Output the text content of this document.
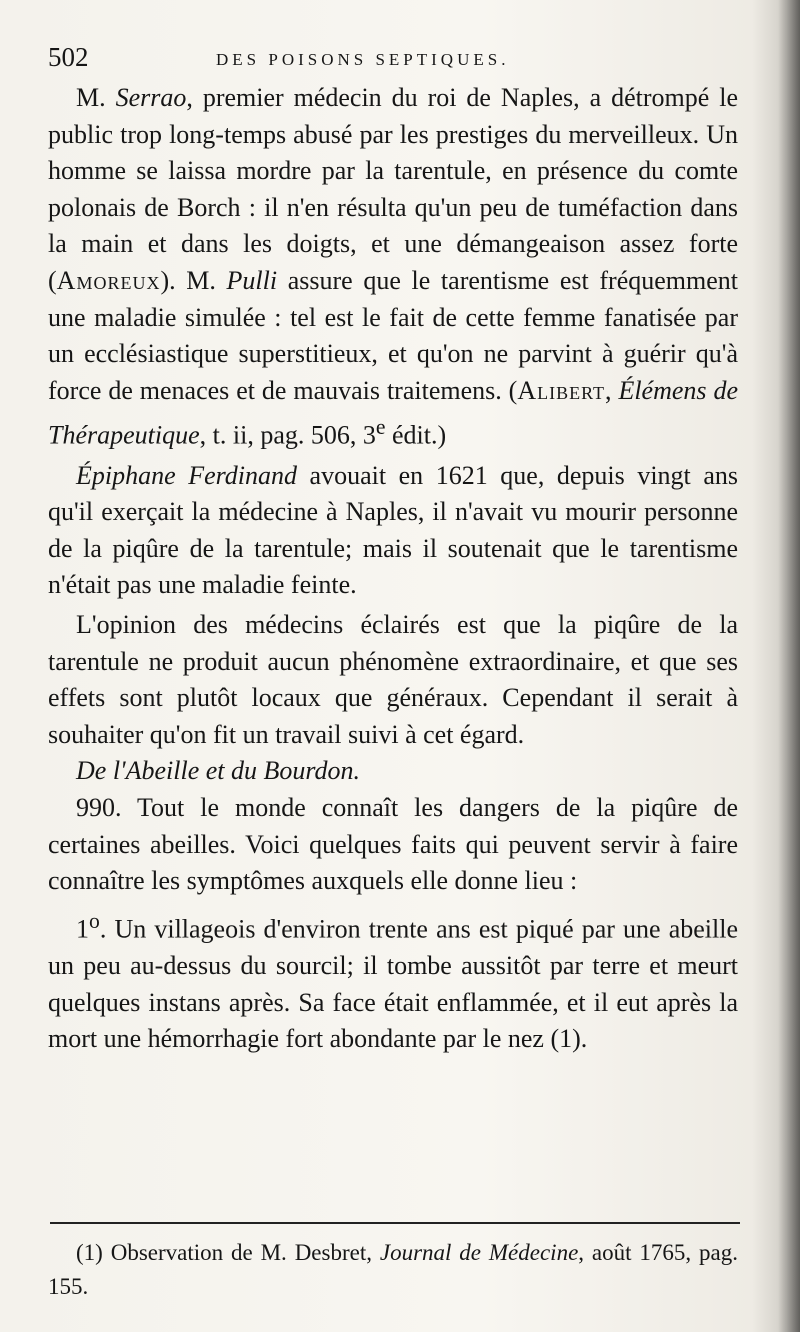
502	DES POISONS SEPTIQUES.

M. Serrao, premier médecin du roi de Naples, a détrompé le public trop long-temps abusé par les prestiges du merveilleux. Un homme se laissa mordre par la tarentule, en présence du comte polonais de Borch : il n'en résulta qu'un peu de tuméfaction dans la main et dans les doigts, et une démangeaison assez forte (Amoreux). M. Pulli assure que le tarentisme est fréquemment une maladie simulée : tel est le fait de cette femme fanatisée par un ecclésiastique superstitieux, et qu'on ne parvint à guérir qu'à force de menaces et de mauvais traitemens. (Alibert, Élémens de Thérapeutique, t. ii, pag. 506, 3e édit.)

Épiphane Ferdinand avouait en 1621 que, depuis vingt ans qu'il exerçait la médecine à Naples, il n'avait vu mourir personne de la piqûre de la tarentule; mais il soutenait que le tarentisme n'était pas une maladie feinte.

L'opinion des médecins éclairés est que la piqûre de la tarentule ne produit aucun phénomène extraordinaire, et que ses effets sont plutôt locaux que généraux. Cependant il serait à souhaiter qu'on fit un travail suivi à cet égard.

De l'Abeille et du Bourdon.

990. Tout le monde connaît les dangers de la piqûre de certaines abeilles. Voici quelques faits qui peuvent servir à faire connaître les symptômes auxquels elle donne lieu :

1$^o$. Un villageois d'environ trente ans est piqué par une abeille un peu au-dessus du sourcil; il tombe aussitôt par terre et meurt quelques instans après. Sa face était enflammée, et il eut après la mort une hémorrhagie fort abondante par le nez (1).

(1) Observation de M. Desbret, Journal de Médecine, août 1765, pag. 155.
